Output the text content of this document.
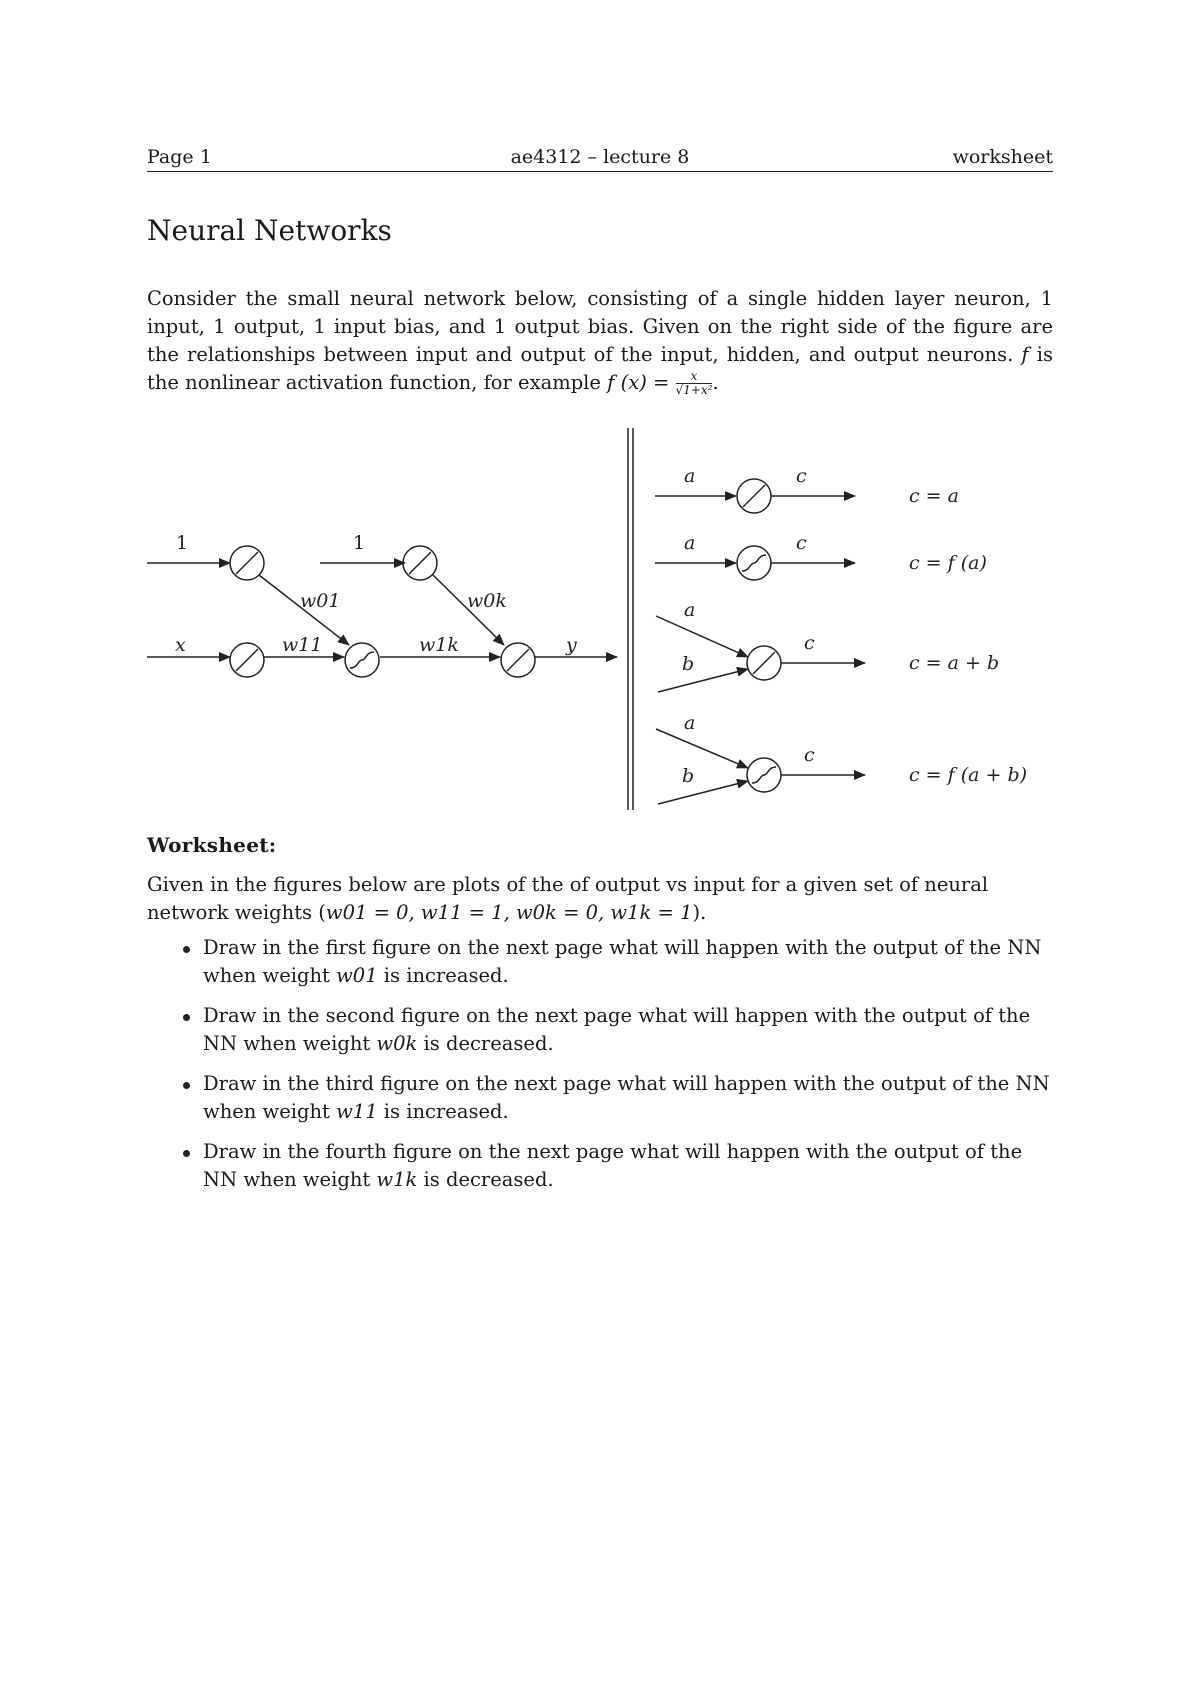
Page 1	ae4312 – lecture 8	worksheet
Neural Networks
Consider the small neural network below, consisting of a single hidden layer neuron, 1 input, 1 output, 1 input bias, and 1 output bias. Given on the right side of the figure are the relationships between input and output of the input, hidden, and output neurons. f is the nonlinear activation function, for example f $(x) = \frac{x}{\text{√1+x²}}$ .
1	1
x	y
w01
w11
w0k
w1k
a	c
c = a
a	c
c = f (a)
a
b
c
c = a + b
a
b
c
c = f (a + b)
Worksheet:
Given in the figures below are plots of the of output vs input for a given set of neural network weights (w01 = 0, w11 = 1, w0k = 0, w1k = 1).
Draw in the first figure on the next page what will happen with the output of the NN when weight w01 is increased.
Draw in the second figure on the next page what will happen with the output of the NN when weight w0k is decreased.
Draw in the third figure on the next page what will happen with the output of the NN when weight w11 is increased.
Draw in the fourth figure on the next page what will happen with the output of the NN when weight w1k is decreased.
